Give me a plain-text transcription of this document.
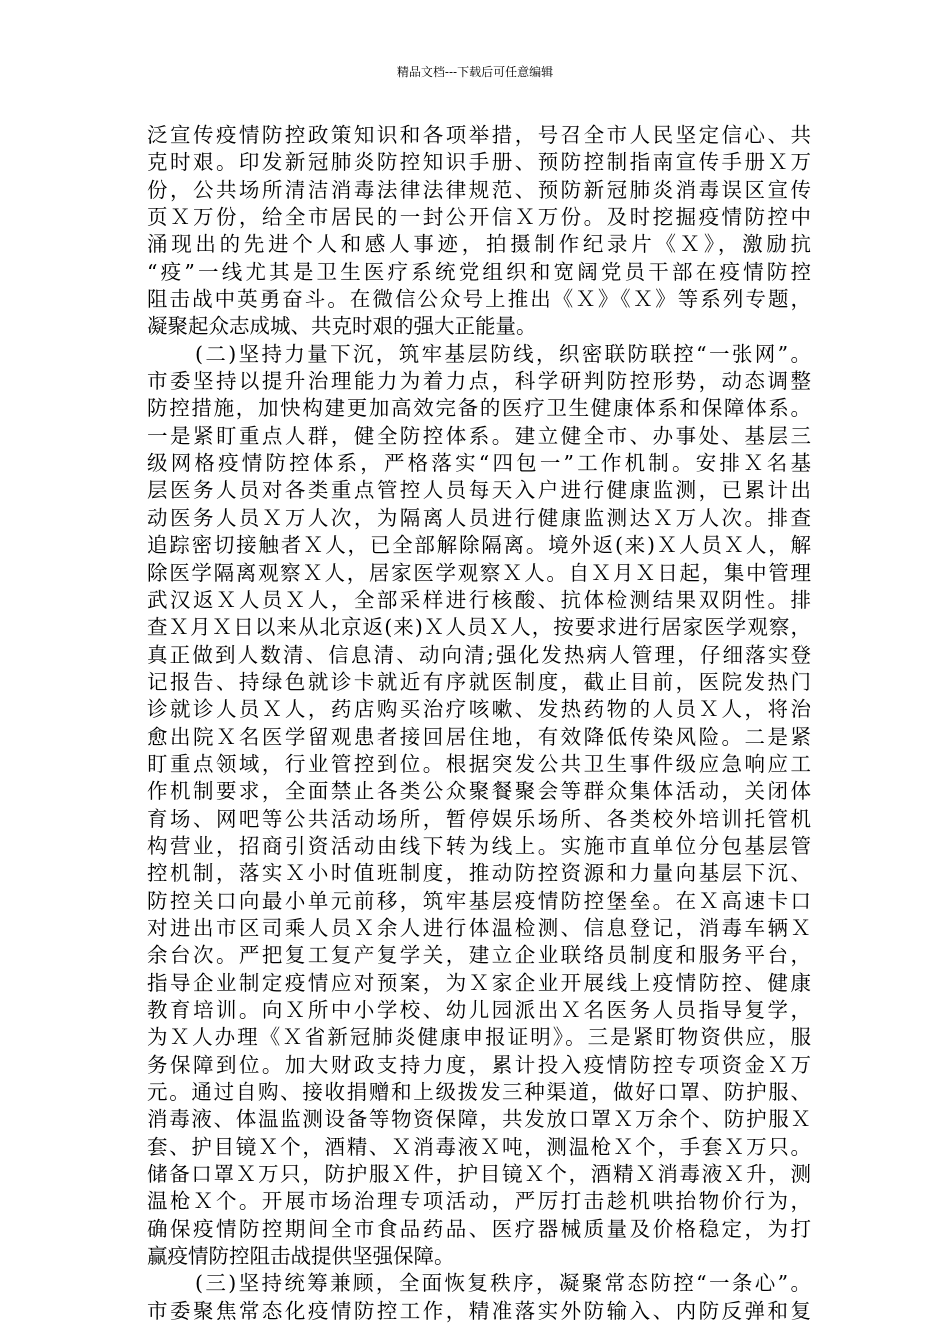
精品文档---下载后可任意编辑
泛宣传疫情防控政策知识和各项举措，号召全市人民坚定信心、共
克时艰。印发新冠肺炎防控知识手册、预防控制指南宣传手册Ｘ万
份，公共场所清洁消毒法律法律规范、预防新冠肺炎消毒误区宣传
页Ｘ万份，给全市居民的一封公开信Ｘ万份。及时挖掘疫情防控中
涌现出的先进个人和感人事迹，拍摄制作纪录片《Ｘ》，激励抗
“疫”一线尤其是卫生医疗系统党组织和宽阔党员干部在疫情防控
阻击战中英勇奋斗。在微信公众号上推出《Ｘ》《Ｘ》等系列专题，
凝聚起众志成城、共克时艰的强大正能量。
(二)坚持力量下沉，筑牢基层防线，织密联防联控“一张网”。
市委坚持以提升治理能力为着力点，科学研判防控形势，动态调整
防控措施，加快构建更加高效完备的医疗卫生健康体系和保障体系。
一是紧盯重点人群，健全防控体系。建立健全市、办事处、基层三
级网格疫情防控体系，严格落实“四包一”工作机制。安排Ｘ名基
层医务人员对各类重点管控人员每天入户进行健康监测，已累计出
动医务人员Ｘ万人次，为隔离人员进行健康监测达Ｘ万人次。排查
追踪密切接触者Ｘ人，已全部解除隔离。境外返(来)Ｘ人员Ｘ人，解
除医学隔离观察Ｘ人，居家医学观察Ｘ人。自Ｘ月Ｘ日起，集中管理
武汉返Ｘ人员Ｘ人，全部采样进行核酸、抗体检测结果双阴性。排
查Ｘ月Ｘ日以来从北京返(来)Ｘ人员Ｘ人，按要求进行居家医学观察，
真正做到人数清、信息清、动向清;强化发热病人管理，仔细落实登
记报告、持绿色就诊卡就近有序就医制度，截止目前，医院发热门
诊就诊人员Ｘ人，药店购买治疗咳嗽、发热药物的人员Ｘ人，将治
愈出院Ｘ名医学留观患者接回居住地，有效降低传染风险。二是紧
盯重点领域，行业管控到位。根据突发公共卫生事件级应急响应工
作机制要求，全面禁止各类公众聚餐聚会等群众集体活动，关闭体
育场、网吧等公共活动场所，暂停娱乐场所、各类校外培训托管机
构营业，招商引资活动由线下转为线上。实施市直单位分包基层管
控机制，落实Ｘ小时值班制度，推动防控资源和力量向基层下沉、
防控关口向最小单元前移，筑牢基层疫情防控堡垒。在Ｘ高速卡口
对进出市区司乘人员Ｘ余人进行体温检测、信息登记，消毒车辆Ｘ
余台次。严把复工复产复学关，建立企业联络员制度和服务平台，
指导企业制定疫情应对预案，为Ｘ家企业开展线上疫情防控、健康
教育培训。向Ｘ所中小学校、幼儿园派出Ｘ名医务人员指导复学，
为Ｘ人办理《Ｘ省新冠肺炎健康申报证明》。三是紧盯物资供应，服
务保障到位。加大财政支持力度，累计投入疫情防控专项资金Ｘ万
元。通过自购、接收捐赠和上级拨发三种渠道，做好口罩、防护服、
消毒液、体温监测设备等物资保障，共发放口罩Ｘ万余个、防护服Ｘ
套、护目镜Ｘ个，酒精、Ｘ消毒液Ｘ吨，测温枪Ｘ个，手套Ｘ万只。
储备口罩Ｘ万只，防护服Ｘ件，护目镜Ｘ个，酒精Ｘ消毒液Ｘ升，测
温枪Ｘ个。开展市场治理专项活动，严厉打击趁机哄抬物价行为，
确保疫情防控期间全市食品药品、医疗器械质量及价格稳定，为打
赢疫情防控阻击战提供坚强保障。
(三)坚持统筹兼顾，全面恢复秩序，凝聚常态防控“一条心”。
市委聚焦常态化疫情防控工作，精准落实外防输入、内防反弹和复
